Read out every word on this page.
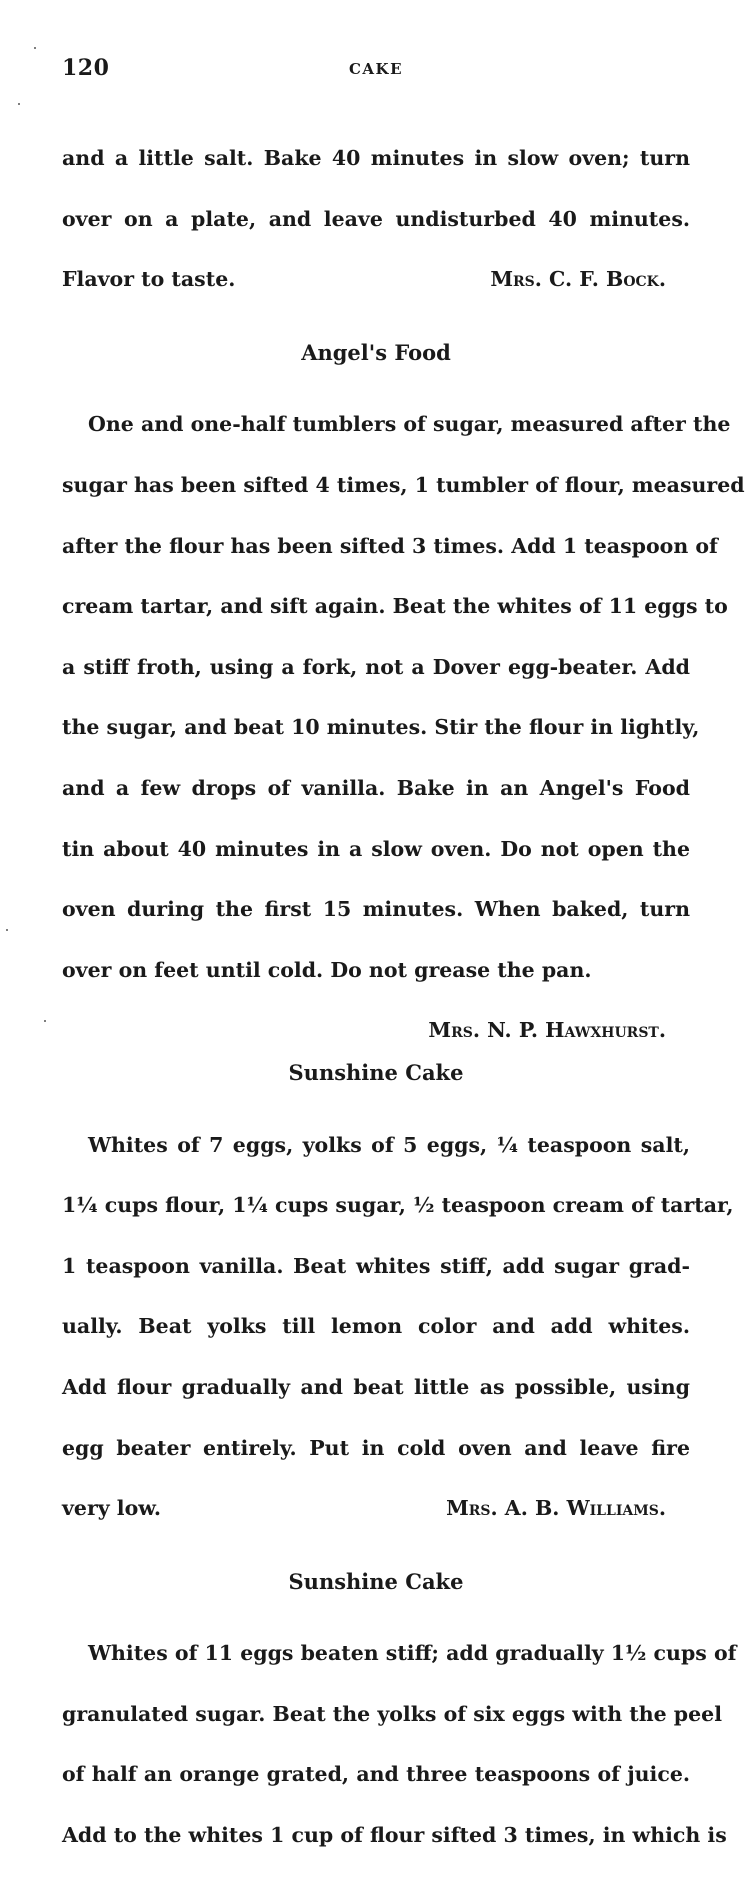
120	CAKE

and a little salt. Bake 40 minutes in slow oven; turn

over on a plate, and leave undisturbed 40 minutes.

Flavor to taste.	Mrs. C. F. Bock.

Angel's Food

One and one-half tumblers of sugar, measured after the

sugar has been sifted 4 times, 1 tumbler of flour, measured

after the flour has been sifted 3 times. Add 1 teaspoon of

cream tartar, and sift again. Beat the whites of 11 eggs to

a stiff froth, using a fork, not a Dover egg-beater. Add

the sugar, and beat 10 minutes. Stir the flour in lightly,

and a few drops of vanilla. Bake in an Angel's Food

tin about 40 minutes in a slow oven. Do not open the

oven during the first 15 minutes. When baked, turn

over on feet until cold. Do not grease the pan.

Mrs. N. P. Hawxhurst.
Sunshine Cake

Whites of 7 eggs, yolks of 5 eggs, ¼ teaspoon salt,

1¼ cups flour, 1¼ cups sugar, ½ teaspoon cream of tartar,

1 teaspoon vanilla. Beat whites stiff, add sugar grad-

ually. Beat yolks till lemon color and add whites.

Add flour gradually and beat little as possible, using

egg beater entirely. Put in cold oven and leave fire

very low.	Mrs. A. B. Williams.

Sunshine Cake

Whites of 11 eggs beaten stiff; add gradually 1½ cups of

granulated sugar. Beat the yolks of six eggs with the peel

of half an orange grated, and three teaspoons of juice.

Add to the whites 1 cup of flour sifted 3 times, in which is
